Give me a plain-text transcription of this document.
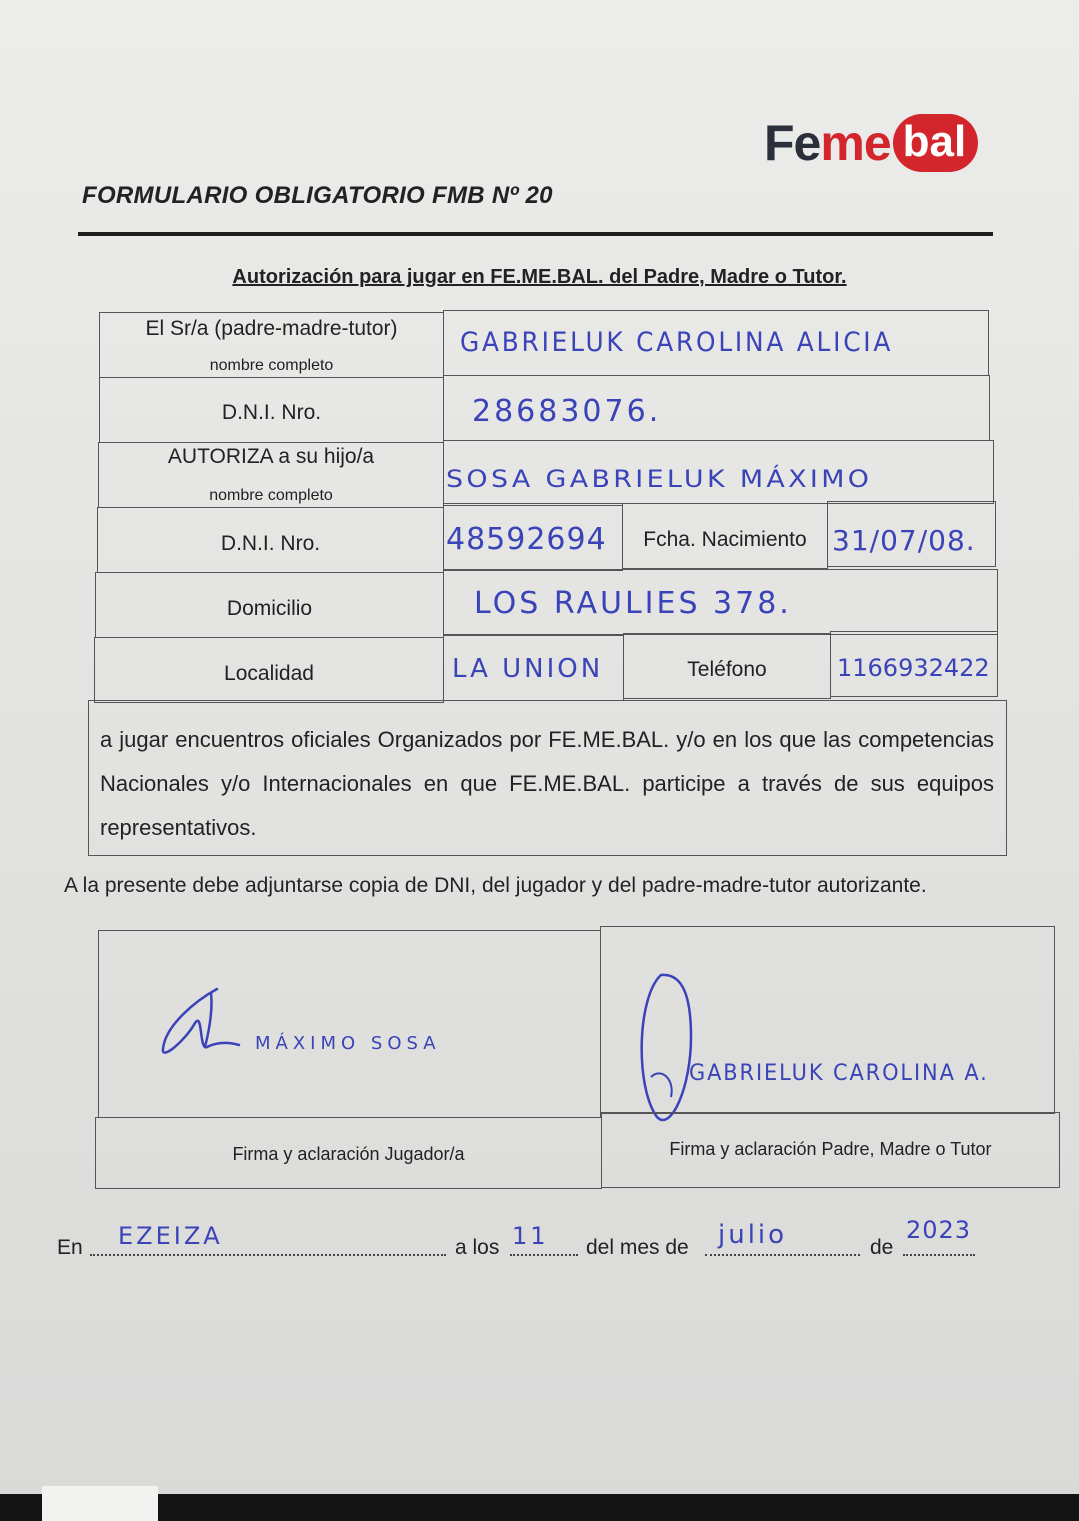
Fe me bal
FORMULARIO OBLIGATORIO FMB Nº 20
Autorización para jugar en FE.ME.BAL. del Padre, Madre o Tutor.
El Sr/a (padre-madre-tutor)
nombre completo
GABRIELUK CAROLINA ALICIA
D.N.I. Nro.	28683076.
AUTORIZA a su hijo/a
nombre completo
SOSA GABRIELUK MÁXIMO
D.N.I. Nro.	48592694	Fcha. Nacimiento 31/07/08.
Domicilio	LOS RAULIES 378.
Localidad	LA UNION	Teléfono	1166932422
a jugar encuentros oficiales Organizados por FE.ME.BAL. y/o en los que las competencias Nacionales y/o Internacionales en que FE.ME.BAL. participe a través de sus equipos representativos.
A la presente debe adjuntarse copia de DNI, del jugador y del padre-madre-tutor autorizante.
MÁXIMO SOSA
GABRIELUK CAROLINA A.
Firma y aclaración Jugador/a	Firma y aclaración Padre, Madre o Tutor
En EZEIZA	a los 11 del mes de julio	de
2023
